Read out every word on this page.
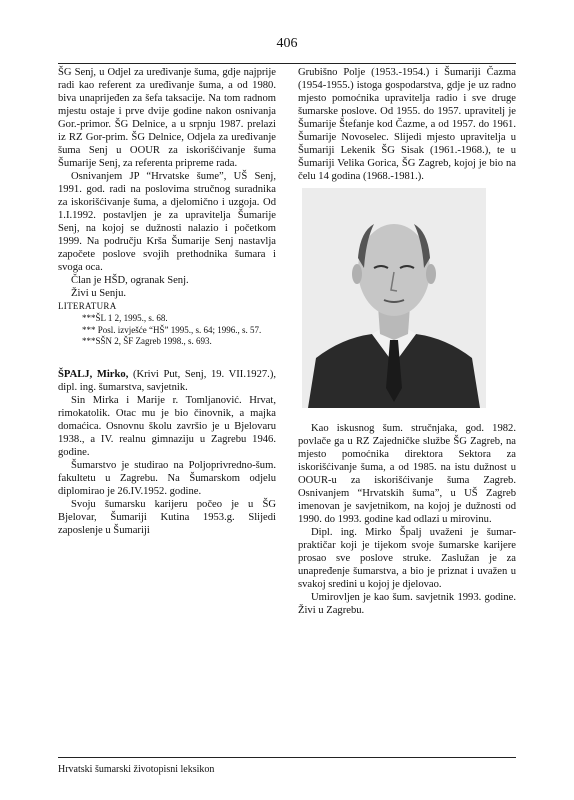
406

ŠG Senj, u Odjel za uređivanje šuma, gdje najprije radi kao referent za uređivanje šuma, a od 1980. biva unaprijeđen za šefa taksacije. Na tom radnom mjestu ostaje i prve dvije godine nakon osnivanja Gor.-primor. ŠG Delnice, a u srpnju 1987. prelazi iz RZ Gor-prim. ŠG Delnice, Odjela za uređivanje šuma Senj u OOUR za iskorišćivanje šuma Šumarije Senj, za referenta pripreme rada.

Osnivanjem JP “Hrvatske šume”, UŠ Senj, 1991. god. radi na poslovima stručnog suradnika za iskorišćivanje šuma, a djelomično i uzgoja. Od 1.I.1992. postavljen je za upravitelja Šumarije Senj, na kojoj se dužnosti nalazio i početkom 1999. Na području Krša Šumarije Senj nastavlja započete poslove svojih prethodnika šumara i svoga oca.

Član je HŠD, ogranak Senj.

Živi u Senju.

LITERATURA

***ŠL 1 2, 1995., s. 68.

*** Posl. izvješće “HŠ” 1995., s. 64; 1996., s. 57.

***SŠN 2, ŠF Zagreb 1998., s. 693.

ŠPALJ, Mirko, (Krivi Put, Senj, 19. VII.1927.), dipl. ing. šumarstva, savjetnik.

Sin Mirka i Marije r. Tomljanović. Hrvat, rimokatolik. Otac mu je bio činovnik, a majka domaćica. Osnovnu školu završio je u Bjelovaru 1938., a IV. realnu gimnaziju u Zagrebu 1946. godine.

Šumarstvo je studirao na Poljoprivredno-šum. fakultetu u Zagrebu. Na Šumarskom odjelu diplomirao je 26.IV.1952. godine.

Svoju šumarsku karijeru počeo je u ŠG Bjelovar, Šumariji Kutina 1953.g. Slijedi zaposlenje u Šumariji

Grubišno Polje (1953.-1954.) i Šumariji Čazma (1954-1955.) istoga gospodarstva, gdje je uz radno mjesto pomoćnika upravitelja radio i sve druge šumarske poslove. Od 1955. do 1957. upravitelj je Šumarije Štefanje kod Čazme, a od 1957. do 1961. Šumarije Novoselec. Slijedi mjesto upravitelja u Šumariji Lekenik ŠG Sisak (1961.-1968.), te u Šumariji Velika Gorica, ŠG Zagreb, kojoj je bio na čelu 14 godina (1968.-1981.).

Kao iskusnog šum. stručnjaka, god. 1982. povlače ga u RZ Zajedničke službe ŠG Zagreb, na mjesto pomoćnika direktora Sektora za iskorišćivanje šuma, a od 1985. na istu dužnost u OOUR-u za iskorišćivanje šuma Zagreb. Osnivanjem “Hrvatskih šuma”, u UŠ Zagreb imenovan je savjetnikom, na kojoj je dužnosti od 1990. do 1993. godine kad odlazi u mirovinu.

Dipl. ing. Mirko Špalj uvaženi je šumar-praktičar koji je tijekom svoje šumarske karijere prosao sve poslove struke. Zaslužan je za unapređenje šumarstva, a bio je priznat i uvažen u svakoj sredini u kojoj je djelovao.

Umirovljen je kao šum. savjetnik 1993. godine. Živi u Zagrebu.

Hrvatski šumarski životopisni leksikon
